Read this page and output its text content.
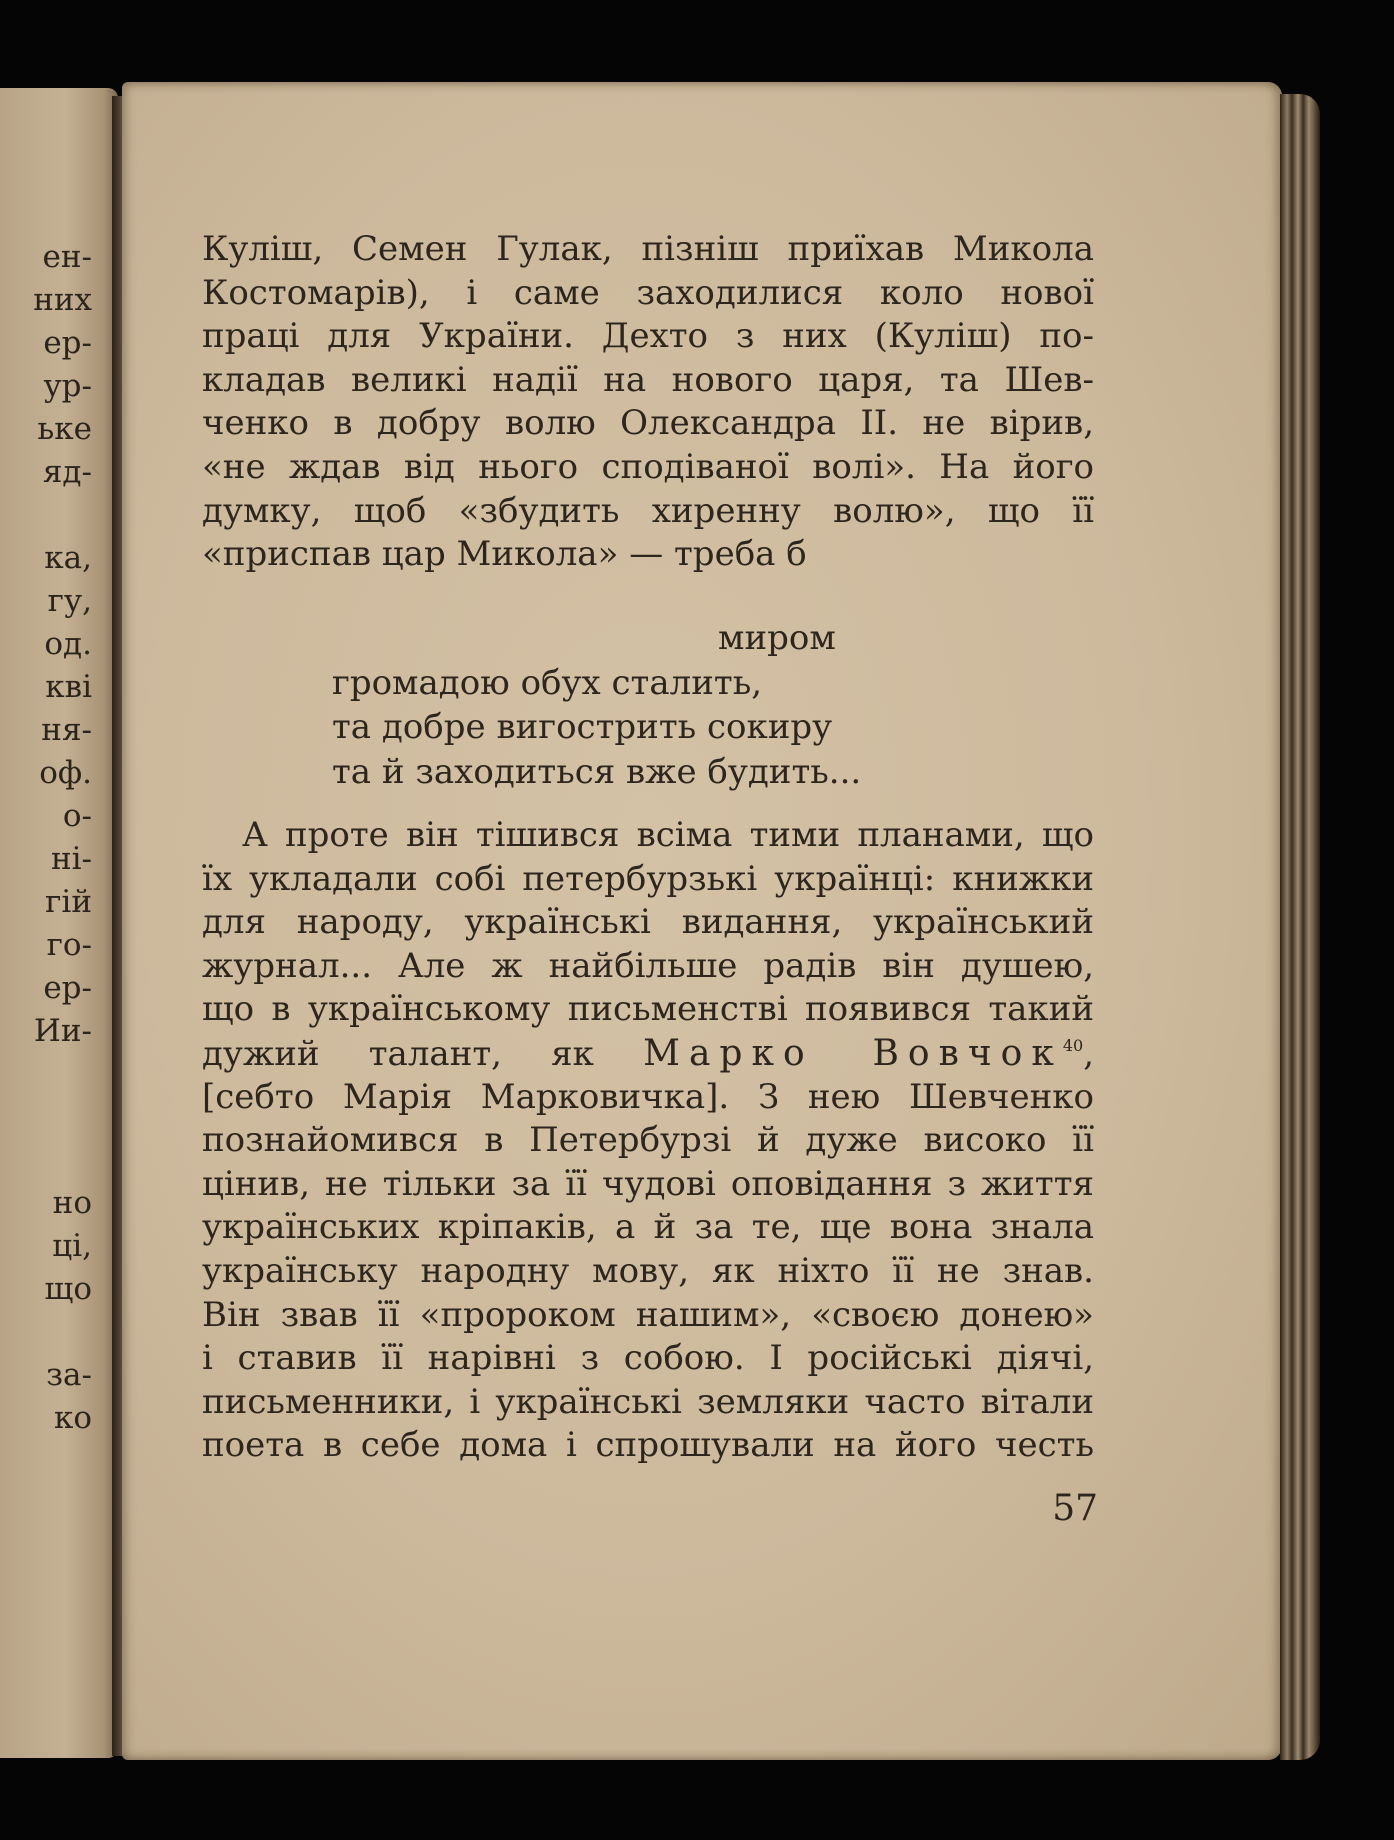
ен-
них
ер-
ур-
ьке
яд-
ка,
гу,
од.
кві
ня-
оф.
о-
ні-
гій
го-
ер-
Ии-
но
ці,
що
за-
ко
Куліш, Семен Гулак, пізніш приїхав Микола
Костомарів), і саме заходилися коло нової
праці для України. Дехто з них (Куліш) по-
кладав великі надії на нового царя, та Шев-
ченко в добру волю Олександра II. не вірив,
«не ждав від нього сподіваної волі». На його
думку, щоб «збудить хиренну волю», що її
«приспав цар Микола» — треба б
миром
громадою обух сталить,
та добре вигострить сокиру
та й заходиться вже будить...
А проте він тішився всіма тими планами, що
їх укладали собі петербурзькі українці: книжки
для народу, українські видання, український
журнал... Але ж найбільше радів він душею,
що в українському письменстві появився такий
дужий талант, як Марко Вовчок$^{40}$,
[себто Марія Марковичка]. З нею Шевченко
познайомився в Петербурзі й дуже високо її
цінив, не тільки за її чудові оповідання з життя
українських кріпаків, а й за те, ще вона знала
українську народну мову, як ніхто її не знав.
Він звав її «пророком нашим», «своєю донею»
і ставив її нарівні з собою. І російські діячі,
письменники, і українські земляки часто вітали
поета в себе дома і спрошували на його честь
57
